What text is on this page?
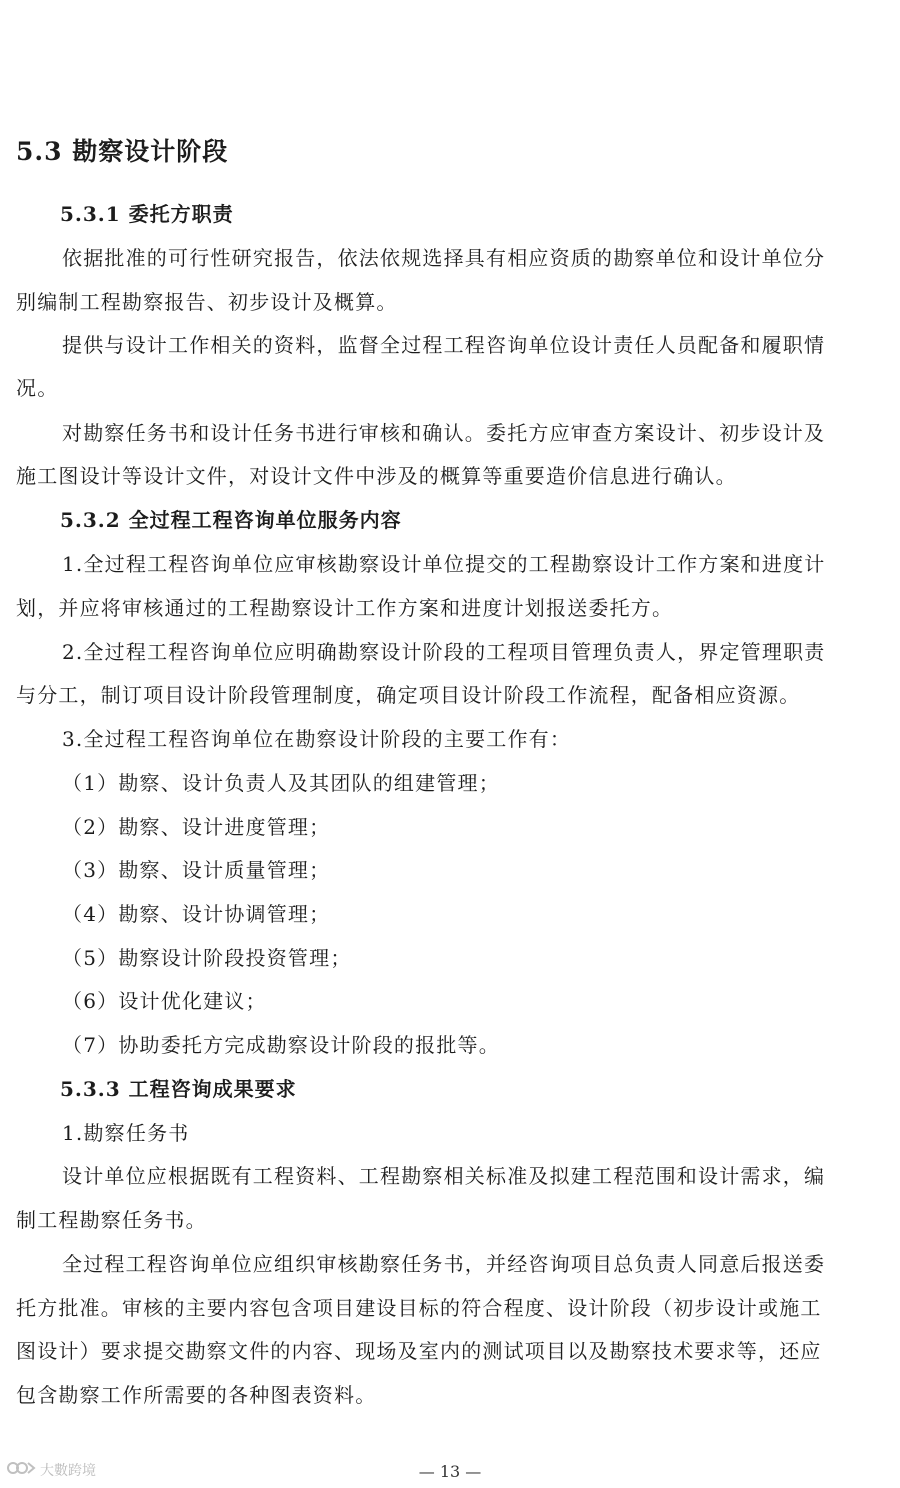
5.3 勘察设计阶段
5.3.1 委托方职责
依据批准的可行性研究报告，依法依规选择具有相应资质的勘察单位和设计单位分
别编制工程勘察报告、初步设计及概算。
提供与设计工作相关的资料，监督全过程工程咨询单位设计责任人员配备和履职情
况。
对勘察任务书和设计任务书进行审核和确认。委托方应审查方案设计、初步设计及
施工图设计等设计文件，对设计文件中涉及的概算等重要造价信息进行确认。
5.3.2 全过程工程咨询单位服务内容
1.全过程工程咨询单位应审核勘察设计单位提交的工程勘察设计工作方案和进度计
划，并应将审核通过的工程勘察设计工作方案和进度计划报送委托方。
2.全过程工程咨询单位应明确勘察设计阶段的工程项目管理负责人，界定管理职责
与分工，制订项目设计阶段管理制度，确定项目设计阶段工作流程，配备相应资源。
3.全过程工程咨询单位在勘察设计阶段的主要工作有：
（1）勘察、设计负责人及其团队的组建管理；
（2）勘察、设计进度管理；
（3）勘察、设计质量管理；
（4）勘察、设计协调管理；
（5）勘察设计阶段投资管理；
（6）设计优化建议；
（7）协助委托方完成勘察设计阶段的报批等。
5.3.3 工程咨询成果要求
1.勘察任务书
设计单位应根据既有工程资料、工程勘察相关标准及拟建工程范围和设计需求，编
制工程勘察任务书。
全过程工程咨询单位应组织审核勘察任务书，并经咨询项目总负责人同意后报送委
托方批准。审核的主要内容包含项目建设目标的符合程度、设计阶段（初步设计或施工
图设计）要求提交勘察文件的内容、现场及室内的测试项目以及勘察技术要求等，还应
包含勘察工作所需要的各种图表资料。
— 13 —
大數跨境
